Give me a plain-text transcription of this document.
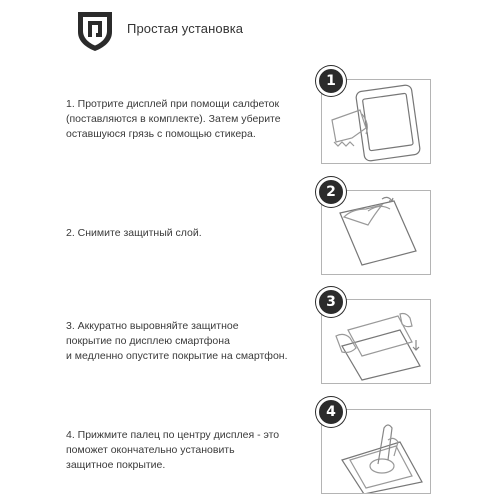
Простая установка
1. Протрите дисплей при помощи салфеток
(поставляются в комплекте). Затем уберите
оставшуюся грязь с помощью стикера.
1
2. Снимите защитный слой.
2
3. Аккуратно выровняйте защитное
покрытие по дисплею смартфона
и медленно опустите покрытие на смартфон.
3
4. Прижмите палец по центру дисплея - это
поможет окончательно установить
защитное покрытие.
4
